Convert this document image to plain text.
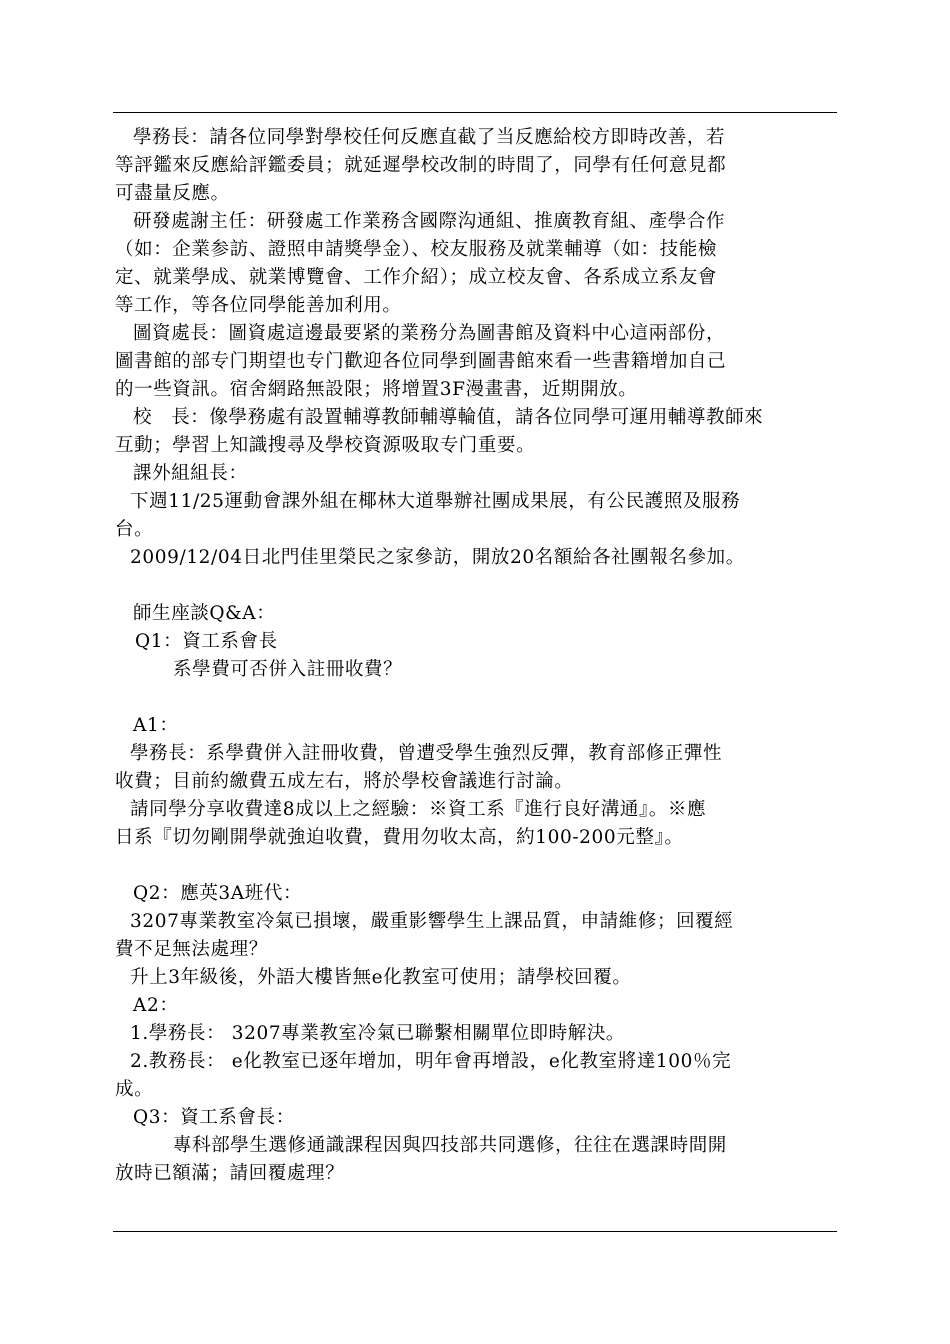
學務長：請各位同學對學校任何反應直截了当反應給校方即時改善，若
等評鑑來反應給評鑑委員；就延遲學校改制的時間了，同學有任何意見都
可盡量反應。
研發處謝主任：研發處工作業務含國際沟通組、推廣教育組、產學合作
（如：企業参訪、證照申請獎學金）、校友服務及就業輔導（如：技能檢
定、就業學成、就業博覽會、工作介紹）；成立校友會、各系成立系友會
等工作，等各位同學能善加利用。
圖資處長：圖資處這邊最要紧的業務分為圖書館及資料中心這兩部份，
圖書館的部专门期望也专门歡迎各位同學到圖書館來看一些書籍增加自己
的一些資訊。宿舍網路無設限；將增置3F漫畫書，近期開放。
校　長：像學務處有設置輔導教師輔導輪值，請各位同學可運用輔導教師來
互動；學習上知識搜尋及學校資源吸取专门重要。
課外組組長：
下週11/25運動會課外組在椰林大道舉辦社團成果展，有公民護照及服務
台。
2009/12/04日北門佳里榮民之家參訪，開放20名額給各社團報名參加。
師生座談Q&A：
Q1：資工系會長
系學費可否併入註冊收費？
A1：
學務長：系學費併入註冊收費，曾遭受學生強烈反彈，教育部修正彈性
收費；目前約繳費五成左右，將於學校會議進行討論。
請同學分享收費達8成以上之經驗：※資工系『進行良好溝通』。※應
日系『切勿剛開學就強迫收費，費用勿收太高，約100-200元整』。
Q2：應英3A班代：
3207專業教室冷氣已損壞，嚴重影響學生上課品質，申請維修；回覆經
費不足無法處理？
升上3年級後，外語大樓皆無e化教室可使用；請學校回覆。
A2：
1.學務長： 3207專業教室冷氣已聯繫相關單位即時解決。
2.教務長： e化教室已逐年增加，明年會再增設，e化教室將達100％完
成。
Q3：資工系會長：
專科部學生選修通識課程因與四技部共同選修，往往在選課時間開
放時已額滿；請回覆處理？
